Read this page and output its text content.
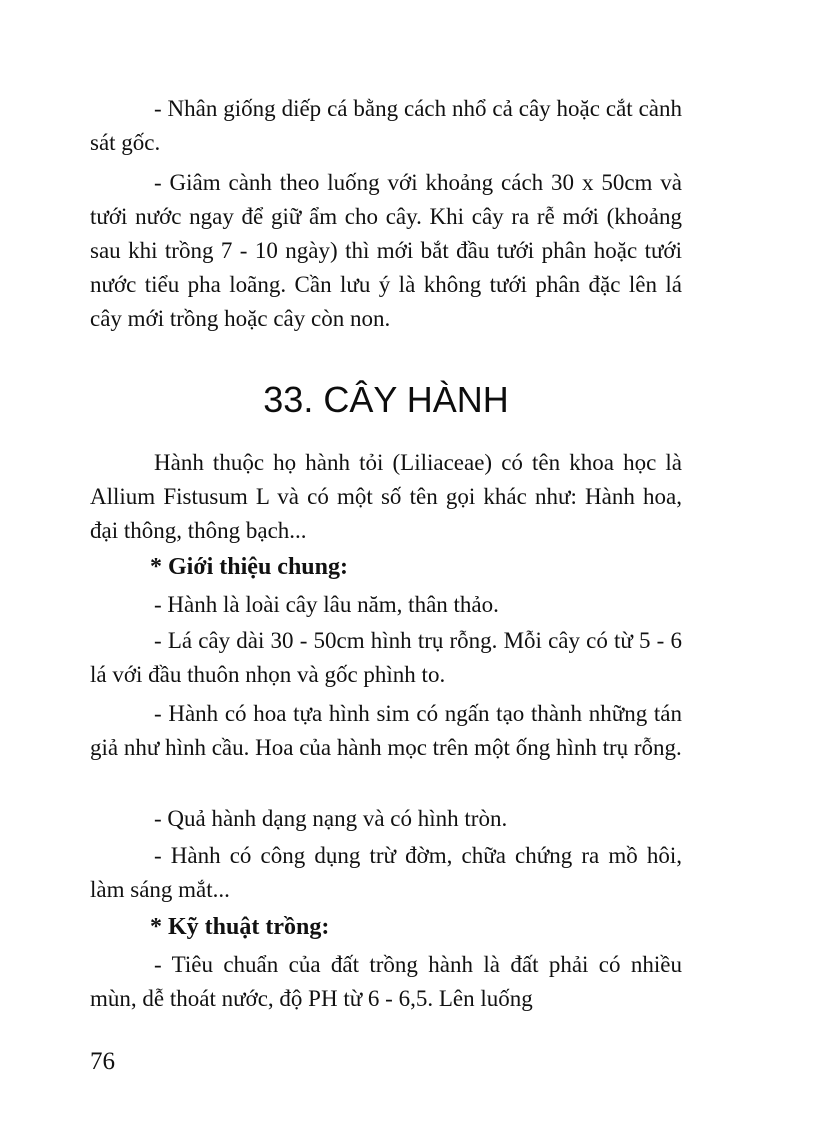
- Nhân giống diếp cá bằng cách nhổ cả cây hoặc cắt cành sát gốc.

- Giâm cành theo luống với khoảng cách 30 x 50cm và tưới nước ngay để giữ ẩm cho cây. Khi cây ra rễ mới (khoảng sau khi trồng 7 - 10 ngày) thì mới bắt đầu tưới phân hoặc tưới nước tiểu pha loãng. Cần lưu ý là không tưới phân đặc lên lá cây mới trồng hoặc cây còn non.

33. CÂY HÀNH

Hành thuộc họ hành tỏi (Liliaceae) có tên khoa học là Allium Fistusum L và có một số tên gọi khác như: Hành hoa, đại thông, thông bạch...

* Giới thiệu chung:

- Hành là loài cây lâu năm, thân thảo.

- Lá cây dài 30 - 50cm hình trụ rỗng. Mỗi cây có từ 5 - 6 lá với đầu thuôn nhọn và gốc phình to.

- Hành có hoa tựa hình sim có ngấn tạo thành những tán giả như hình cầu. Hoa của hành mọc trên một ống hình trụ rỗng.

- Quả hành dạng nạng và có hình tròn.

- Hành có công dụng trừ đờm, chữa chứng ra mồ hôi, làm sáng mắt...

* Kỹ thuật trồng:

- Tiêu chuẩn của đất trồng hành là đất phải có nhiều mùn, dễ thoát nước, độ PH từ 6 - 6,5. Lên luống

76
